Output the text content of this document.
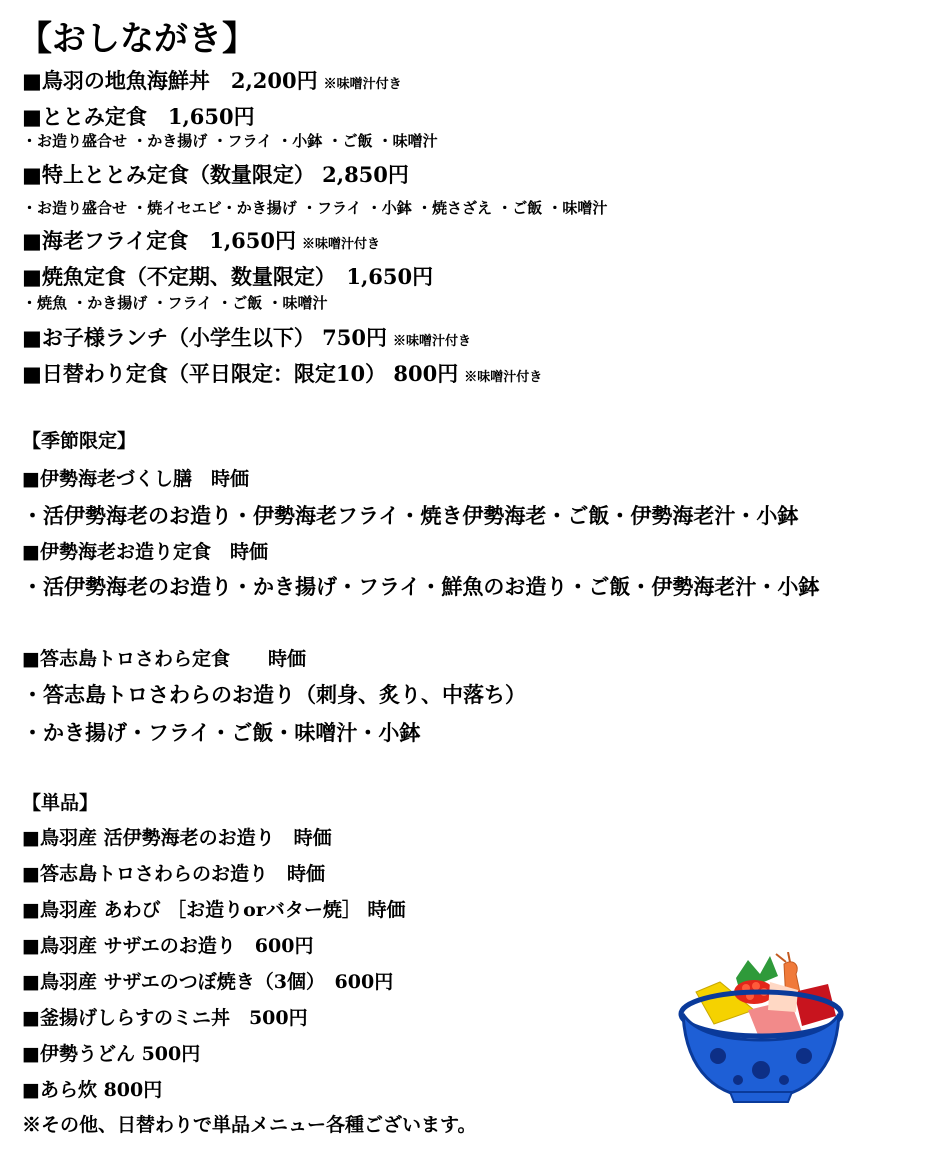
【おしながき】
■鳥羽の地魚海鮮丼　2,200円 ※味噌汁付き
■ととみ定食　1,650円
・お造り盛合せ ・かき揚げ ・フライ ・小鉢 ・ご飯 ・味噌汁
■特上ととみ定食（数量限定） 2,850円
・お造り盛合せ ・焼イセエビ・かき揚げ ・フライ ・小鉢 ・焼さざえ ・ご飯 ・味噌汁
■海老フライ定食　1,650円 ※味噌汁付き
■焼魚定食（不定期、数量限定）　1,650円
・焼魚 ・かき揚げ ・フライ ・ご飯 ・味噌汁
■お子様ランチ（小学生以下） 750円 ※味噌汁付き
■日替わり定食（平日限定：限定10） 800円 ※味噌汁付き
【季節限定】
■伊勢海老づくし膳　時価
・活伊勢海老のお造り・伊勢海老フライ・焼き伊勢海老・ご飯・伊勢海老汁・小鉢
■伊勢海老お造り定食　時価
・活伊勢海老のお造り・かき揚げ・フライ・鮮魚のお造り・ご飯・伊勢海老汁・小鉢
■答志島トロさわら定食　　時価
・答志島トロさわらのお造り（刺身、炙り、中落ち）
・かき揚げ・フライ・ご飯・味噌汁・小鉢
【単品】
■鳥羽産 活伊勢海老のお造り　時価
■答志島トロさわらのお造り　時価
■鳥羽産 あわび ［お造りorバター焼］ 時価
■鳥羽産 サザエのお造り　600円
■鳥羽産 サザエのつぼ焼き（3個）　600円
■釜揚げしらすのミニ丼　500円
■伊勢うどん 500円
■あら炊 800円
※その他、日替わりで単品メニュー各種ございます。
